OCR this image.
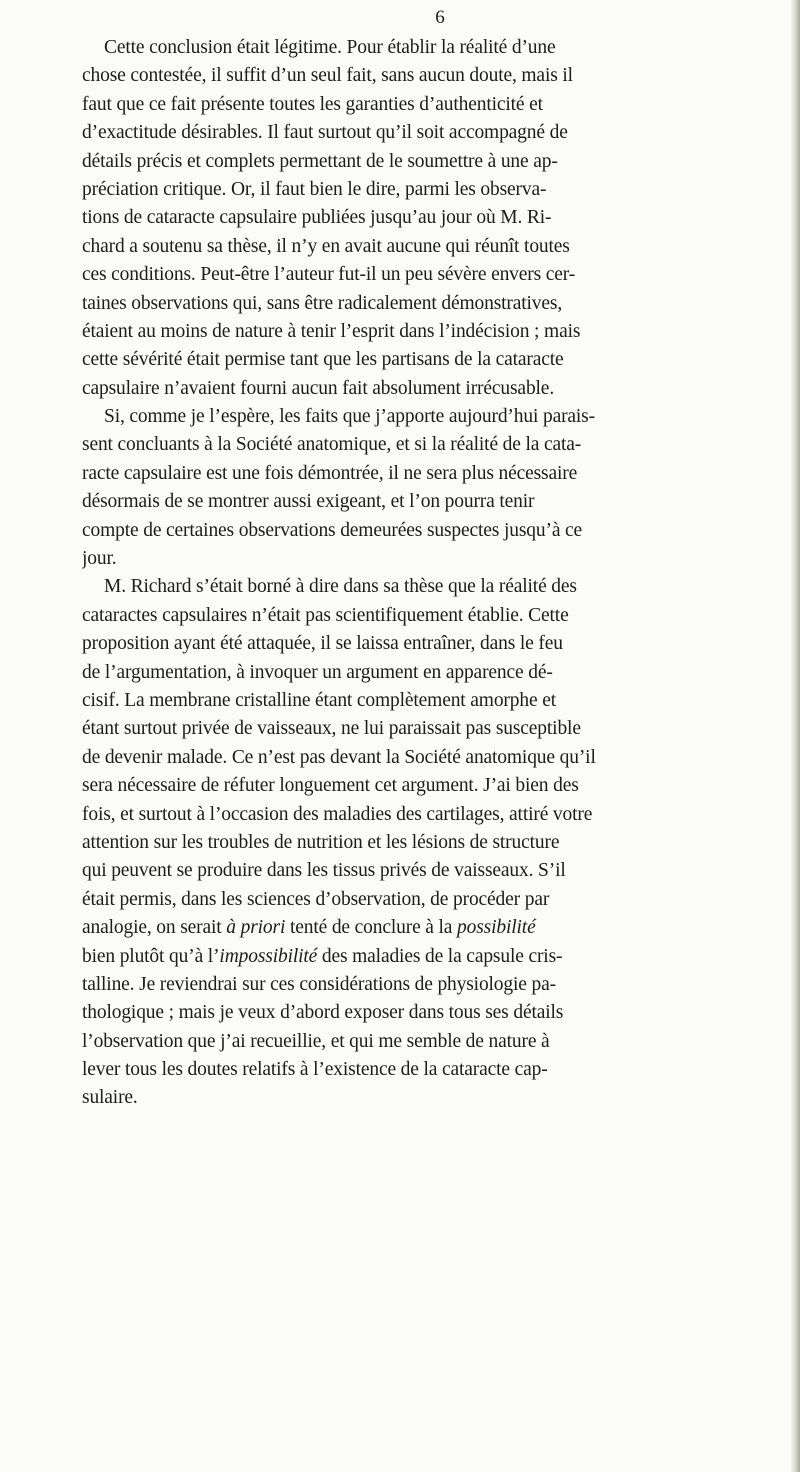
6
Cette conclusion était légitime. Pour établir la réalité d’une
chose contestée, il suffit d’un seul fait, sans aucun doute, mais il
faut que ce fait présente toutes les garanties d’authenticité et
d’exactitude désirables. Il faut surtout qu’il soit accompagné de
détails précis et complets permettant de le soumettre à une ap-
préciation critique. Or, il faut bien le dire, parmi les observa-
tions de cataracte capsulaire publiées jusqu’au jour où M. Ri-
chard a soutenu sa thèse, il n’y en avait aucune qui réunît toutes
ces conditions. Peut-être l’auteur fut-il un peu sévère envers cer-
taines observations qui, sans être radicalement démonstratives,
étaient au moins de nature à tenir l’esprit dans l’indécision ; mais
cette sévérité était permise tant que les partisans de la cataracte
capsulaire n’avaient fourni aucun fait absolument irrécusable.
Si, comme je l’espère, les faits que j’apporte aujourd’hui parais-
sent concluants à la Société anatomique, et si la réalité de la cata-
racte capsulaire est une fois démontrée, il ne sera plus nécessaire
désormais de se montrer aussi exigeant, et l’on pourra tenir
compte de certaines observations demeurées suspectes jusqu’à ce
jour.
M. Richard s’était borné à dire dans sa thèse que la réalité des
cataractes capsulaires n’était pas scientifiquement établie. Cette
proposition ayant été attaquée, il se laissa entraîner, dans le feu
de l’argumentation, à invoquer un argument en apparence dé-
cisif. La membrane cristalline étant complètement amorphe et
étant surtout privée de vaisseaux, ne lui paraissait pas susceptible
de devenir malade. Ce n’est pas devant la Société anatomique qu’il
sera nécessaire de réfuter longuement cet argument. J’ai bien des
fois, et surtout à l’occasion des maladies des cartilages, attiré votre
attention sur les troubles de nutrition et les lésions de structure
qui peuvent se produire dans les tissus privés de vaisseaux. S’il
était permis, dans les sciences d’observation, de procéder par
analogie, on serait à priori tenté de conclure à la possibilité
bien plutôt qu’à l’impossibilité des maladies de la capsule cris-
talline. Je reviendrai sur ces considérations de physiologie pa-
thologique ; mais je veux d’abord exposer dans tous ses détails
l’observation que j’ai recueillie, et qui me semble de nature à
lever tous les doutes relatifs à l’existence de la cataracte cap-
sulaire.
